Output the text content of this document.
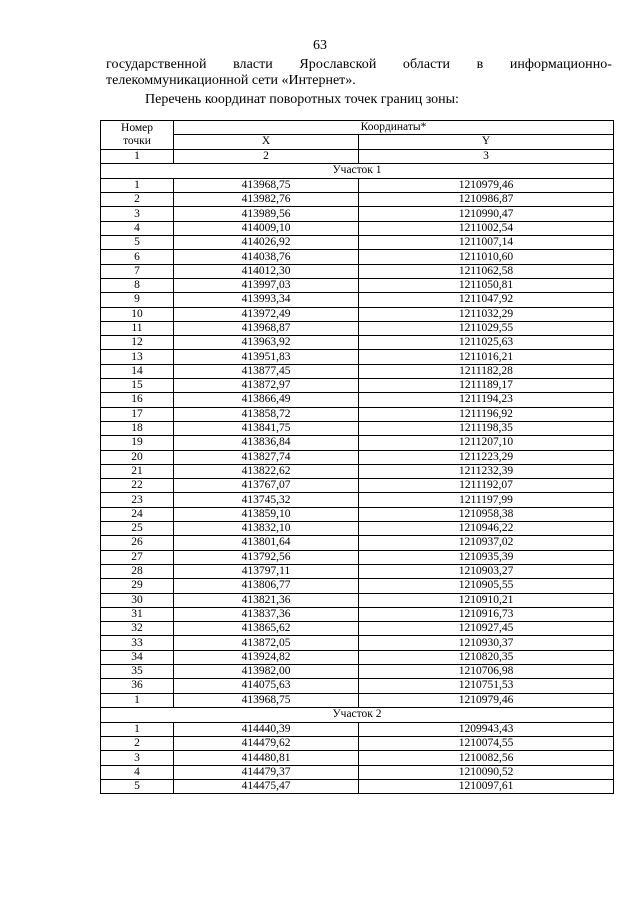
63
государственной власти Ярославской области в информационно-
телекоммуникационной сети «Интернет».
Перечень координат поворотных точек границ зоны:
Номер
точки	Координаты*	
	X	Y
1	2	3
Участок 1		
1	413968,75	1210979,46
2	413982,76	1210986,87
3	413989,56	1210990,47
4	414009,10	1211002,54
5	414026,92	1211007,14
6	414038,76	1211010,60
7	414012,30	1211062,58
8	413997,03	1211050,81
9	413993,34	1211047,92
10	413972,49	1211032,29
11	413968,87	1211029,55
12	413963,92	1211025,63
13	413951,83	1211016,21
14	413877,45	1211182,28
15	413872,97	1211189,17
16	413866,49	1211194,23
17	413858,72	1211196,92
18	413841,75	1211198,35
19	413836,84	1211207,10
20	413827,74	1211223,29
21	413822,62	1211232,39
22	413767,07	1211192,07
23	413745,32	1211197,99
24	413859,10	1210958,38
25	413832,10	1210946,22
26	413801,64	1210937,02
27	413792,56	1210935,39
28	413797,11	1210903,27
29	413806,77	1210905,55
30	413821,36	1210910,21
31	413837,36	1210916,73
32	413865,62	1210927,45
33	413872,05	1210930,37
34	413924,82	1210820,35
35	413982,00	1210706,98
36	414075,63	1210751,53
1	413968,75	1210979,46
Участок 2		
1	414440,39	1209943,43
2	414479,62	1210074,55
3	414480,81	1210082,56
4	414479,37	1210090,52
5	414475,47	1210097,61
